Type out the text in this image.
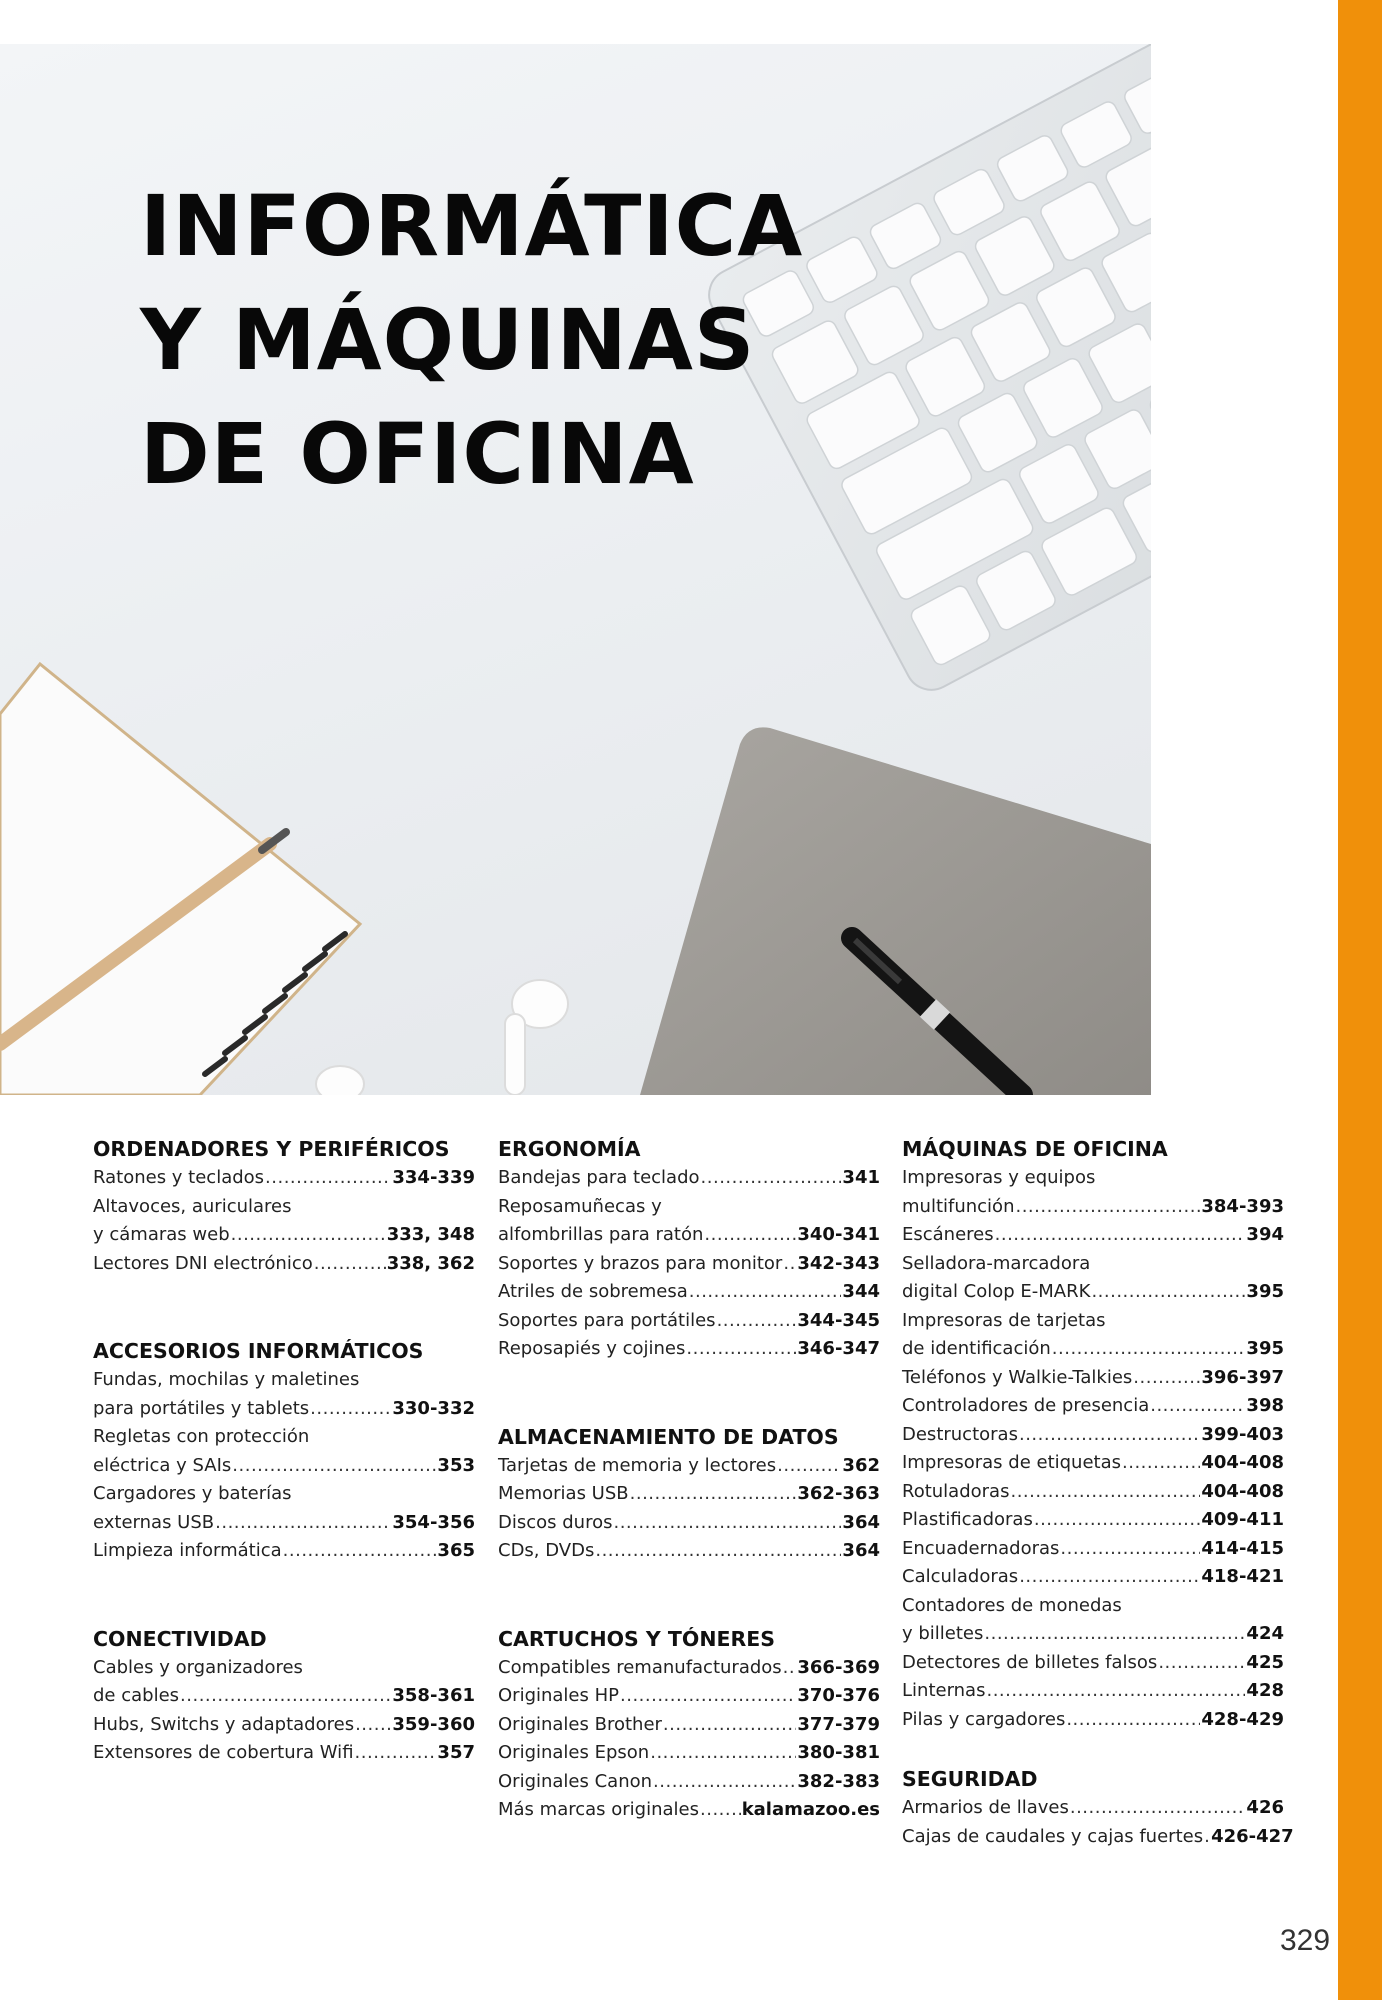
INFORMÁTICA
Y MÁQUINAS
DE OFICINA
ORDENADORES Y PERIFÉRICOS
Ratones y teclados .....	334-339
Altavoces, auriculares
y cámaras web .....	333, 348
Lectores DNI electrónico .....	338, 362
ACCESORIOS INFORMÁTICOS
Fundas, mochilas y maletines
para portátiles y tablets .....	330-332
Regletas con protección
eléctrica y SAIs .....	353
Cargadores y baterías
externas USB .....	354-356
Limpieza informática .....	365
CONECTIVIDAD
Cables y organizadores
de cables .....	358-361
Hubs, Switchs y adaptadores ..... 359-360
Extensores de cobertura Wifi .....	357
ERGONOMÍA
Bandejas para teclado .....	341
Reposamuñecas y
alfombrillas para ratón .....	340-341
Soportes y brazos para monitor ..... 342-343
Atriles de sobremesa .....	344
Soportes para portátiles .....	344-345
Reposapiés y cojines .....	346-347
ALMACENAMIENTO DE DATOS
Tarjetas de memoria y lectores .....	362
Memorias USB .....	362-363
Discos duros .....	364
CDs, DVDs .....	364
CARTUCHOS Y TÓNERES
Compatibles remanufacturados ..... 366-369
Originales HP .....	370-376
Originales Brother .....	377-379
Originales Epson .....	380-381
Originales Canon .....	382-383
Más marcas originales ..... kalamazoo.es
MÁQUINAS DE OFICINA
Impresoras y equipos
multifunción .....	384-393
Escáneres .....	394
Selladora-marcadora
digital Colop E-MARK .....	395
Impresoras de tarjetas
de identificación .....	395
Teléfonos y Walkie-Talkies .....	396-397
Controladores de presencia .....	398
Destructoras .....	399-403
Impresoras de etiquetas .....	404-408
Rotuladoras .....	404-408
Plastificadoras .....	409-411
Encuadernadoras .....	414-415
Calculadoras .....	418-421
Contadores de monedas
y billetes .....	424
Detectores de billetes falsos .....	425
Linternas .....	428
Pilas y cargadores .....	428-429
SEGURIDAD
Armarios de llaves .....	426
Cajas de caudales y cajas fuertes ..... 426-427
329
